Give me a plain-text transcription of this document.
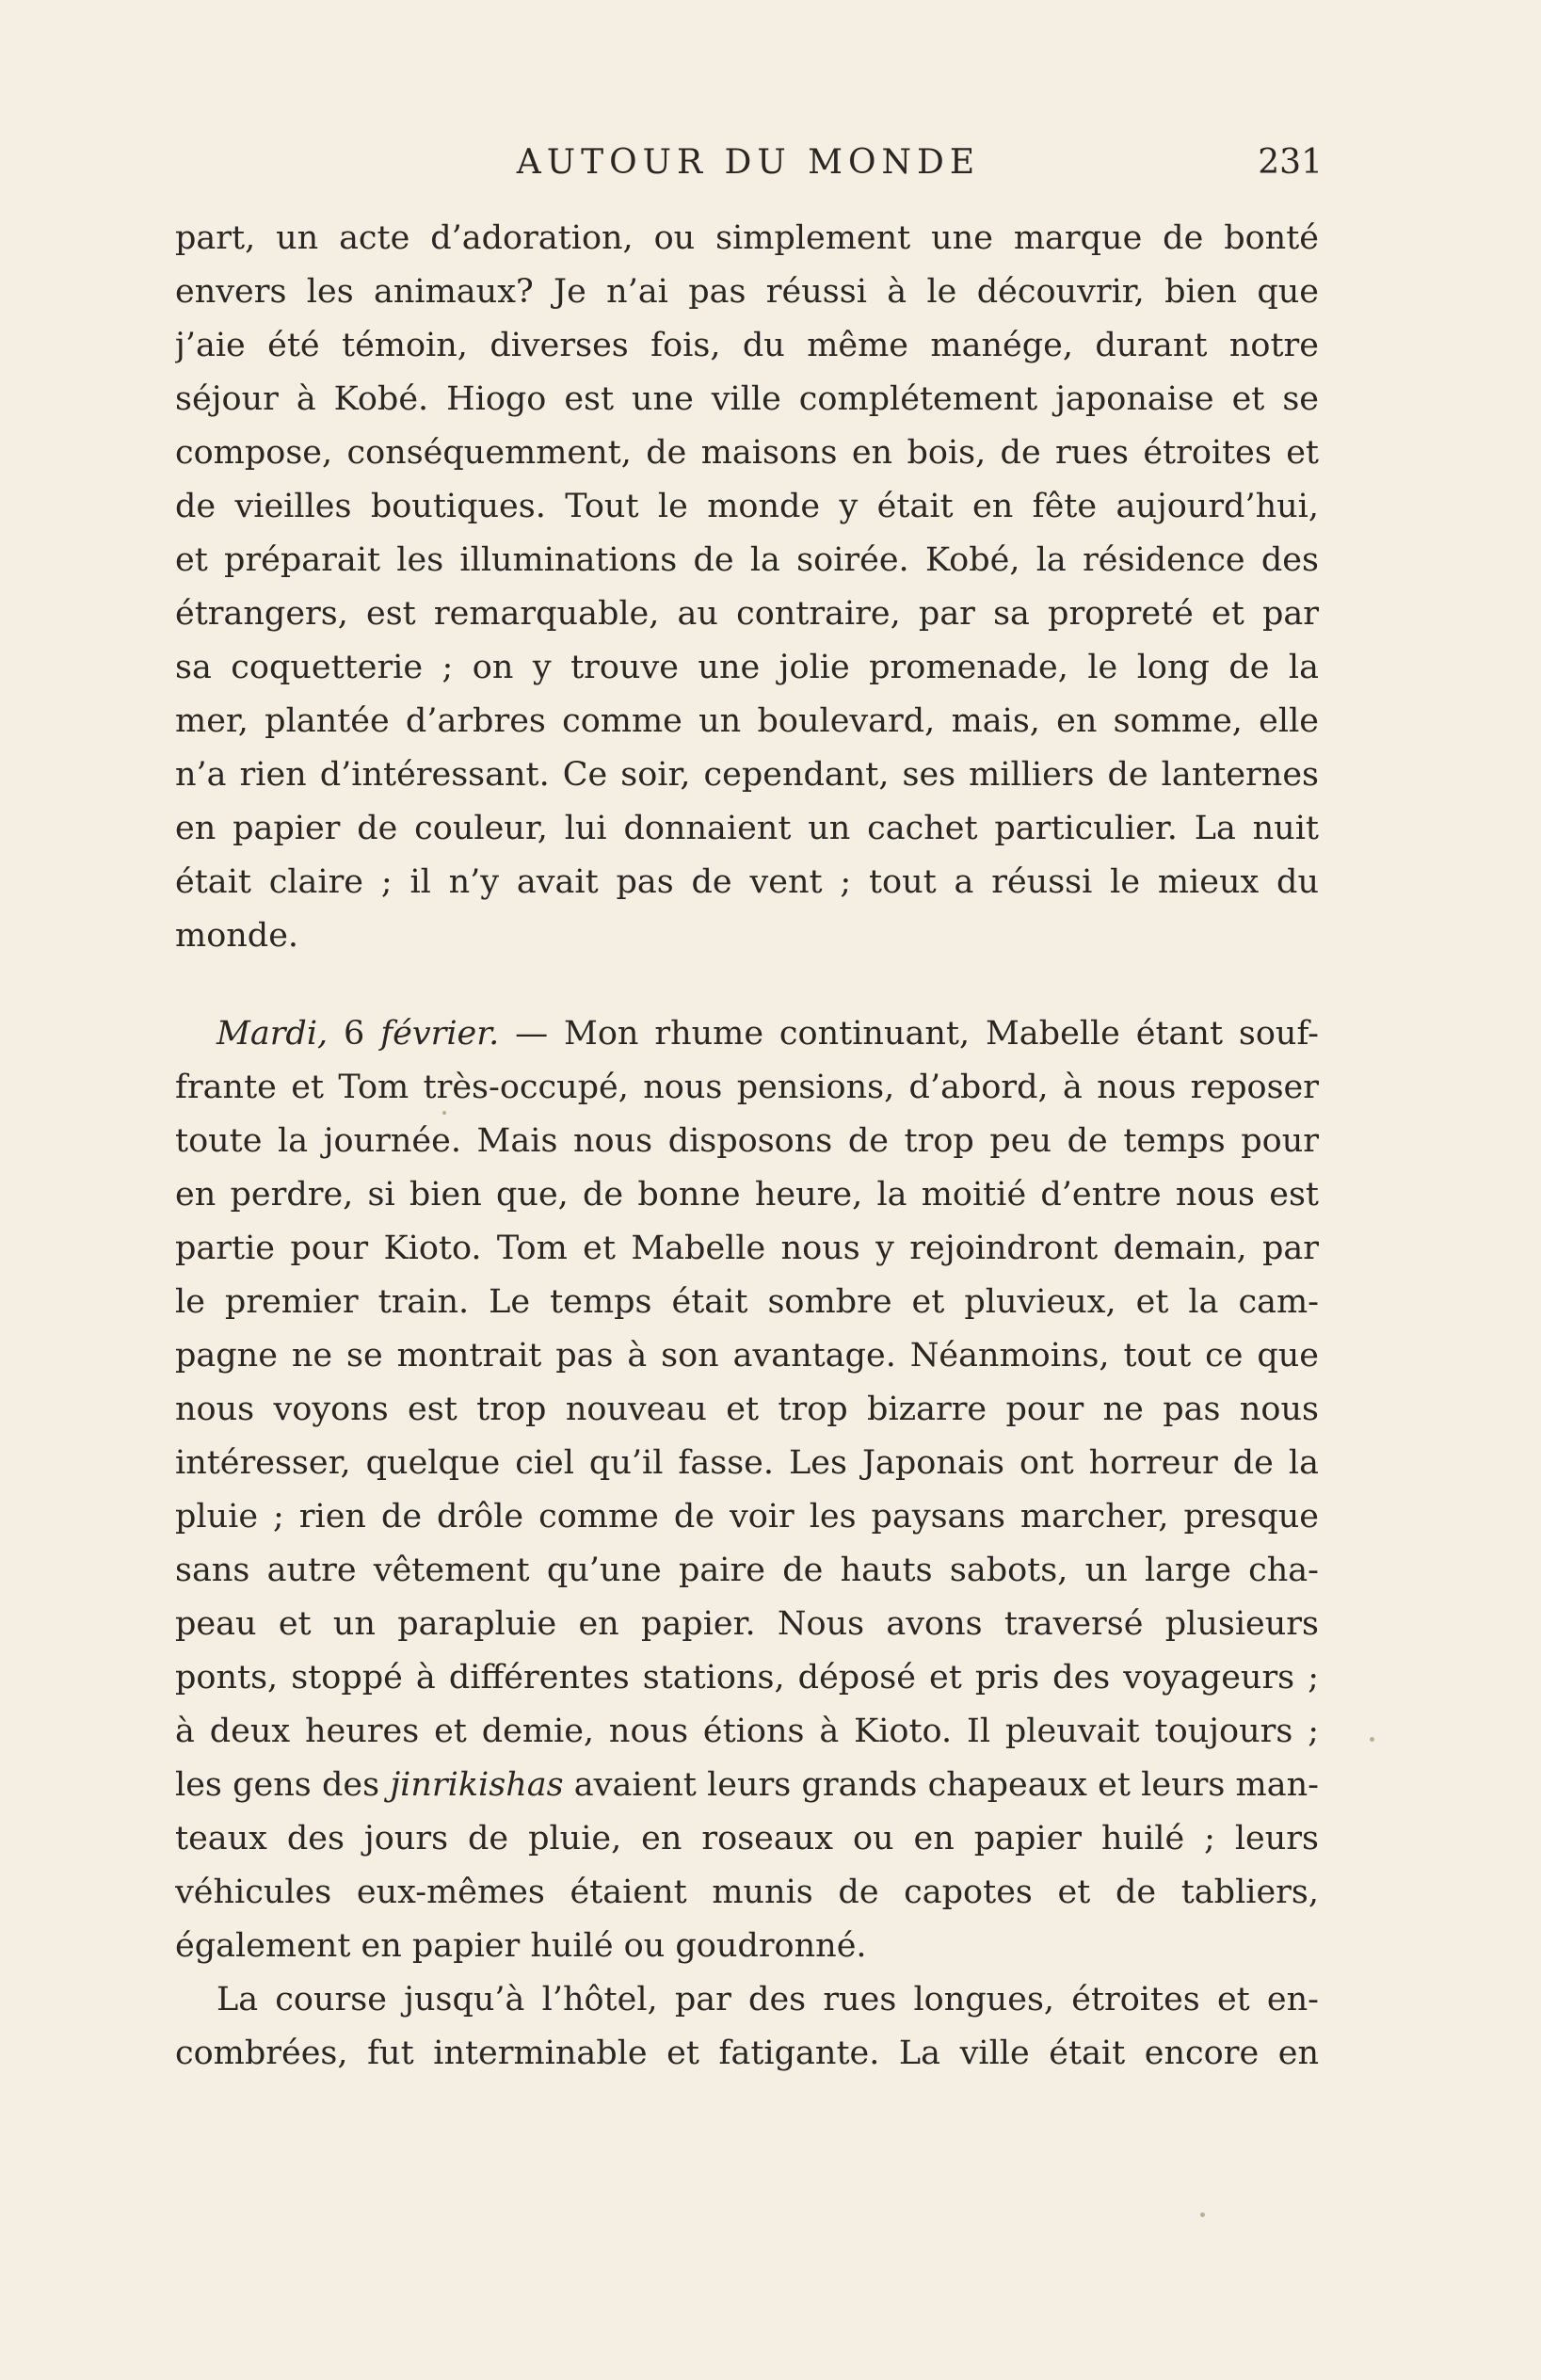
AUTOUR DU MONDE	231
part, un acte d’adoration, ou simplement une marque de bonté
envers les animaux? Je n’ai pas réussi à le découvrir, bien que
j’aie été témoin, diverses fois, du même manége, durant notre
séjour à Kobé. Hiogo est une ville complétement japonaise et se
compose, conséquemment, de maisons en bois, de rues étroites et
de vieilles boutiques. Tout le monde y était en fête aujourd’hui,
et préparait les illuminations de la soirée. Kobé, la résidence des
étrangers, est remarquable, au contraire, par sa propreté et par
sa coquetterie ; on y trouve une jolie promenade, le long de la
mer, plantée d’arbres comme un boulevard, mais, en somme, elle
n’a rien d’intéressant. Ce soir, cependant, ses milliers de lanternes
en papier de couleur, lui donnaient un cachet particulier. La nuit
était claire ; il n’y avait pas de vent ; tout a réussi le mieux du
monde.
Mardi, 6 février. — Mon rhume continuant, Mabelle étant souf-
frante et Tom très-occupé, nous pensions, d’abord, à nous reposer
toute la journée. Mais nous disposons de trop peu de temps pour
en perdre, si bien que, de bonne heure, la moitié d’entre nous est
partie pour Kioto. Tom et Mabelle nous y rejoindront demain, par
le premier train. Le temps était sombre et pluvieux, et la cam-
pagne ne se montrait pas à son avantage. Néanmoins, tout ce que
nous voyons est trop nouveau et trop bizarre pour ne pas nous
intéresser, quelque ciel qu’il fasse. Les Japonais ont horreur de la
pluie ; rien de drôle comme de voir les paysans marcher, presque
sans autre vêtement qu’une paire de hauts sabots, un large cha-
peau et un parapluie en papier. Nous avons traversé plusieurs
ponts, stoppé à différentes stations, déposé et pris des voyageurs ;
à deux heures et demie, nous étions à Kioto. Il pleuvait toujours ;
les gens des jinrikishas avaient leurs grands chapeaux et leurs man-
teaux des jours de pluie, en roseaux ou en papier huilé ; leurs
véhicules eux-mêmes étaient munis de capotes et de tabliers,
également en papier huilé ou goudronné.
La course jusqu’à l’hôtel, par des rues longues, étroites et en-
combrées, fut interminable et fatigante. La ville était encore en
